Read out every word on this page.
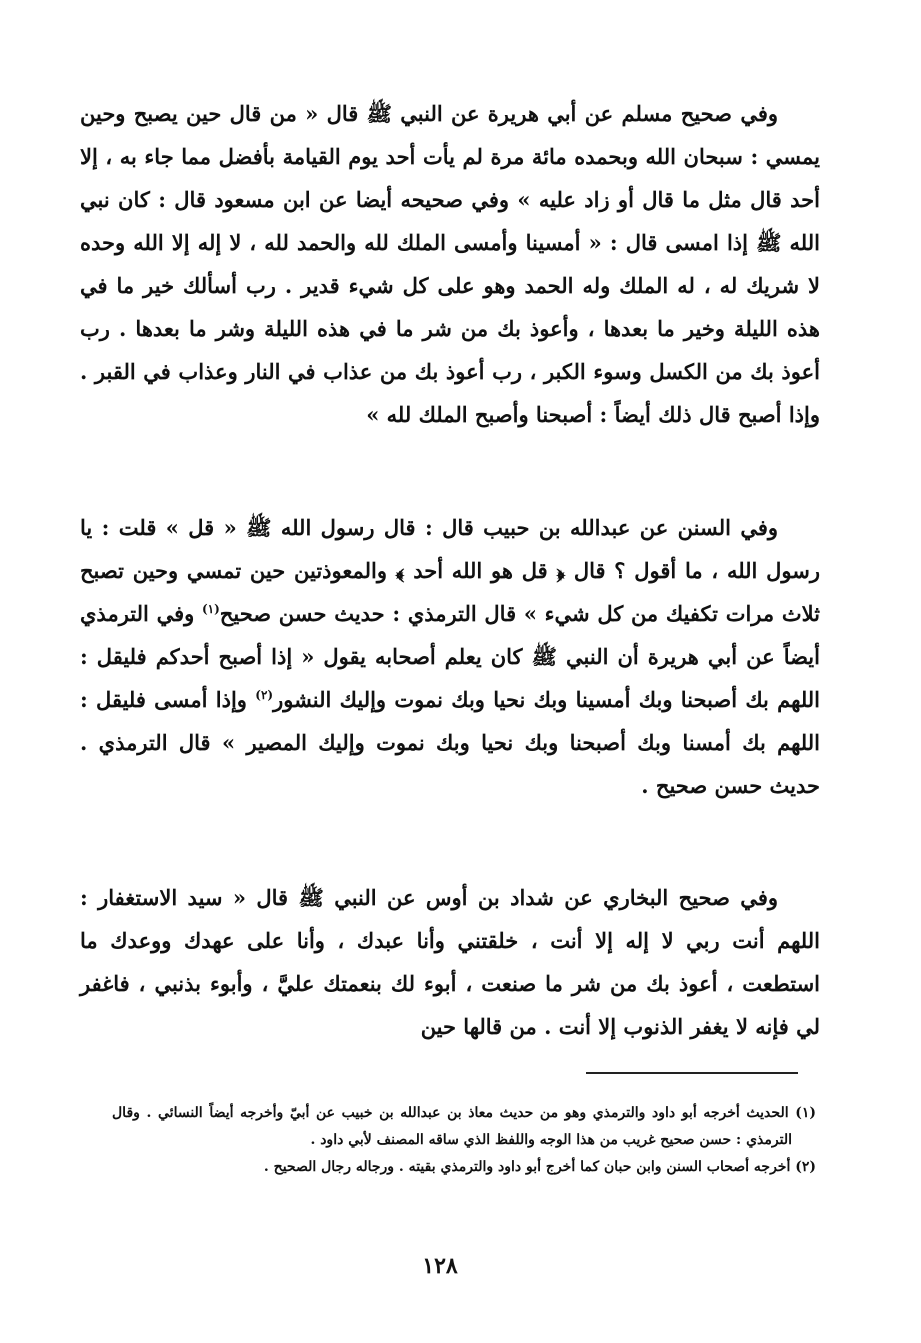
وفي صحيح مسلم عن أبي هريرة عن النبي ﷺ قال « من قال حين يصبح وحين يمسي : سبحان الله وبحمده مائة مرة لم يأت أحد يوم القيامة بأفضل مما جاء به ، إلا أحد قال مثل ما قال أو زاد عليه » وفي صحيحه أيضا عن ابن مسعود قال : كان نبي الله ﷺ إذا امسى قال : « أمسينا وأمسى الملك لله والحمد لله ، لا إله إلا الله وحده لا شريك له ، له الملك وله الحمد وهو على كل شيء قدير . رب أسألك خير ما في هذه الليلة وخير ما بعدها ، وأعوذ بك من شر ما في هذه الليلة وشر ما بعدها . رب أعوذ بك من الكسل وسوء الكبر ، رب أعوذ بك من عذاب في النار وعذاب في القبر . وإذا أصبح قال ذلك أيضاً : أصبحنا وأصبح الملك لله »

وفي السنن عن عبدالله بن حبيب قال : قال رسول الله ﷺ « قل » قلت : يا رسول الله ، ما أقول ؟ قال ﴿ قل هو الله أحد ﴾ والمعوذتين حين تمسي وحين تصبح ثلاث مرات تكفيك من كل شيء » قال الترمذي : حديث حسن صحيح$^{(١)}$ وفي الترمذي أيضاً عن أبي هريرة أن النبي ﷺ كان يعلم أصحابه يقول « إذا أصبح أحدكم فليقل : اللهم بك أصبحنا وبك أمسينا وبك نحيا وبك نموت وإليك النشور$^{(٢)}$ وإذا أمسى فليقل : اللهم بك أمسنا وبك أصبحنا وبك نحيا وبك نموت وإليك المصير » قال الترمذي . حديث حسن صحيح .

وفي صحيح البخاري عن شداد بن أوس عن النبي ﷺ قال « سيد الاستغفار : اللهم أنت ربي لا إله إلا أنت ، خلقتني وأنا عبدك ، وأنا على عهدك ووعدك ما استطعت ، أعوذ بك من شر ما صنعت ، أبوء لك بنعمتك عليَّ ، وأبوء بذنبي ، فاغفر لي فإنه لا يغفر الذنوب إلا أنت . من قالها حين

(١) الحديث أخرجه أبو داود والترمذي وهو من حديث معاذ بن عبدالله بن خبيب عن أبيّ وأخرجه أيضاً النسائي . وقال الترمذي : حسن صحيح غريب من هذا الوجه واللفظ الذي ساقه المصنف لأبي داود .

(٢) أخرجه أصحاب السنن وابن حبان كما أخرج أبو داود والترمذي بقيته . ورجاله رجال الصحيح .

١٢٨
